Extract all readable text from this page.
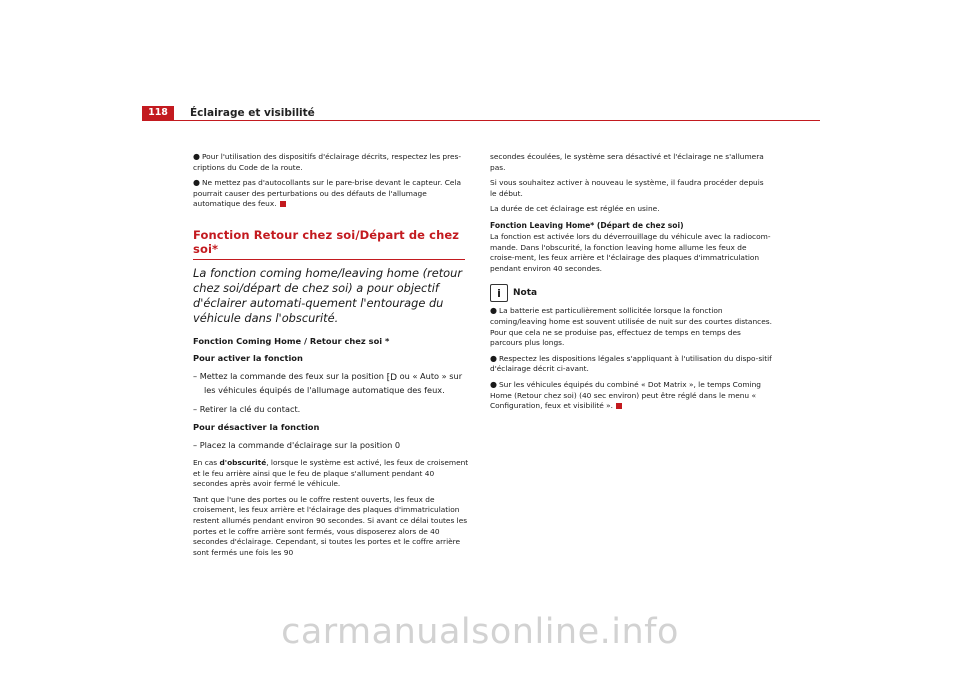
118	Éclairage et visibilité

● Pour l'utilisation des dispositifs d'éclairage décrits, respectez les pres-criptions du Code de la route.

● Ne mettez pas d'autocollants sur le pare-brise devant le capteur. Cela pourrait causer des perturbations ou des défauts de l'allumage automatique des feux.

Fonction Retour chez soi/Départ de chez soi*
La fonction coming home/leaving home (retour chez soi/départ de chez soi) a pour objectif d'éclairer automati-quement l'entourage du véhicule dans l'obscurité.
Fonction Coming Home / Retour chez soi *
Pour activer la fonction
– Mettez la commande des feux sur la position ⁅D ou « Auto » sur les véhicules équipés de l'allumage automatique des feux.
– Retirer la clé du contact.
Pour désactiver la fonction
– Placez la commande d'éclairage sur la position 0

En cas d'obscurité, lorsque le système est activé, les feux de croisement et le feu arrière ainsi que le feu de plaque s'allument pendant 40 secondes après avoir fermé le véhicule.

Tant que l'une des portes ou le coffre restent ouverts, les feux de croisement, les feux arrière et l'éclairage des plaques d'immatriculation restent allumés pendant environ 90 secondes. Si avant ce délai toutes les portes et le coffre arrière sont fermés, vous disposerez alors de 40 secondes d'éclairage. Cependant, si toutes les portes et le coffre arrière sont fermés une fois les 90

secondes écoulées, le système sera désactivé et l'éclairage ne s'allumera pas.

Si vous souhaitez activer à nouveau le système, il faudra procéder depuis le début.

La durée de cet éclairage est réglée en usine.

Fonction Leaving Home* (Départ de chez soi)

La fonction est activée lors du déverrouillage du véhicule avec la radiocom-mande. Dans l'obscurité, la fonction leaving home allume les feux de croise-ment, les feux arrière et l'éclairage des plaques d'immatriculation pendant environ 40 secondes.

i	Nota

● La batterie est particulièrement sollicitée lorsque la fonction coming/leaving home est souvent utilisée de nuit sur des courtes distances. Pour que cela ne se produise pas, effectuez de temps en temps des parcours plus longs.

● Respectez les dispositions légales s'appliquant à l'utilisation du dispo-sitif d'éclairage décrit ci-avant.

● Sur les véhicules équipés du combiné « Dot Matrix », le temps Coming Home (Retour chez soi) (40 sec environ) peut être réglé dans le menu « Configuration, feux et visibilité ».

carmanualsonline.info
